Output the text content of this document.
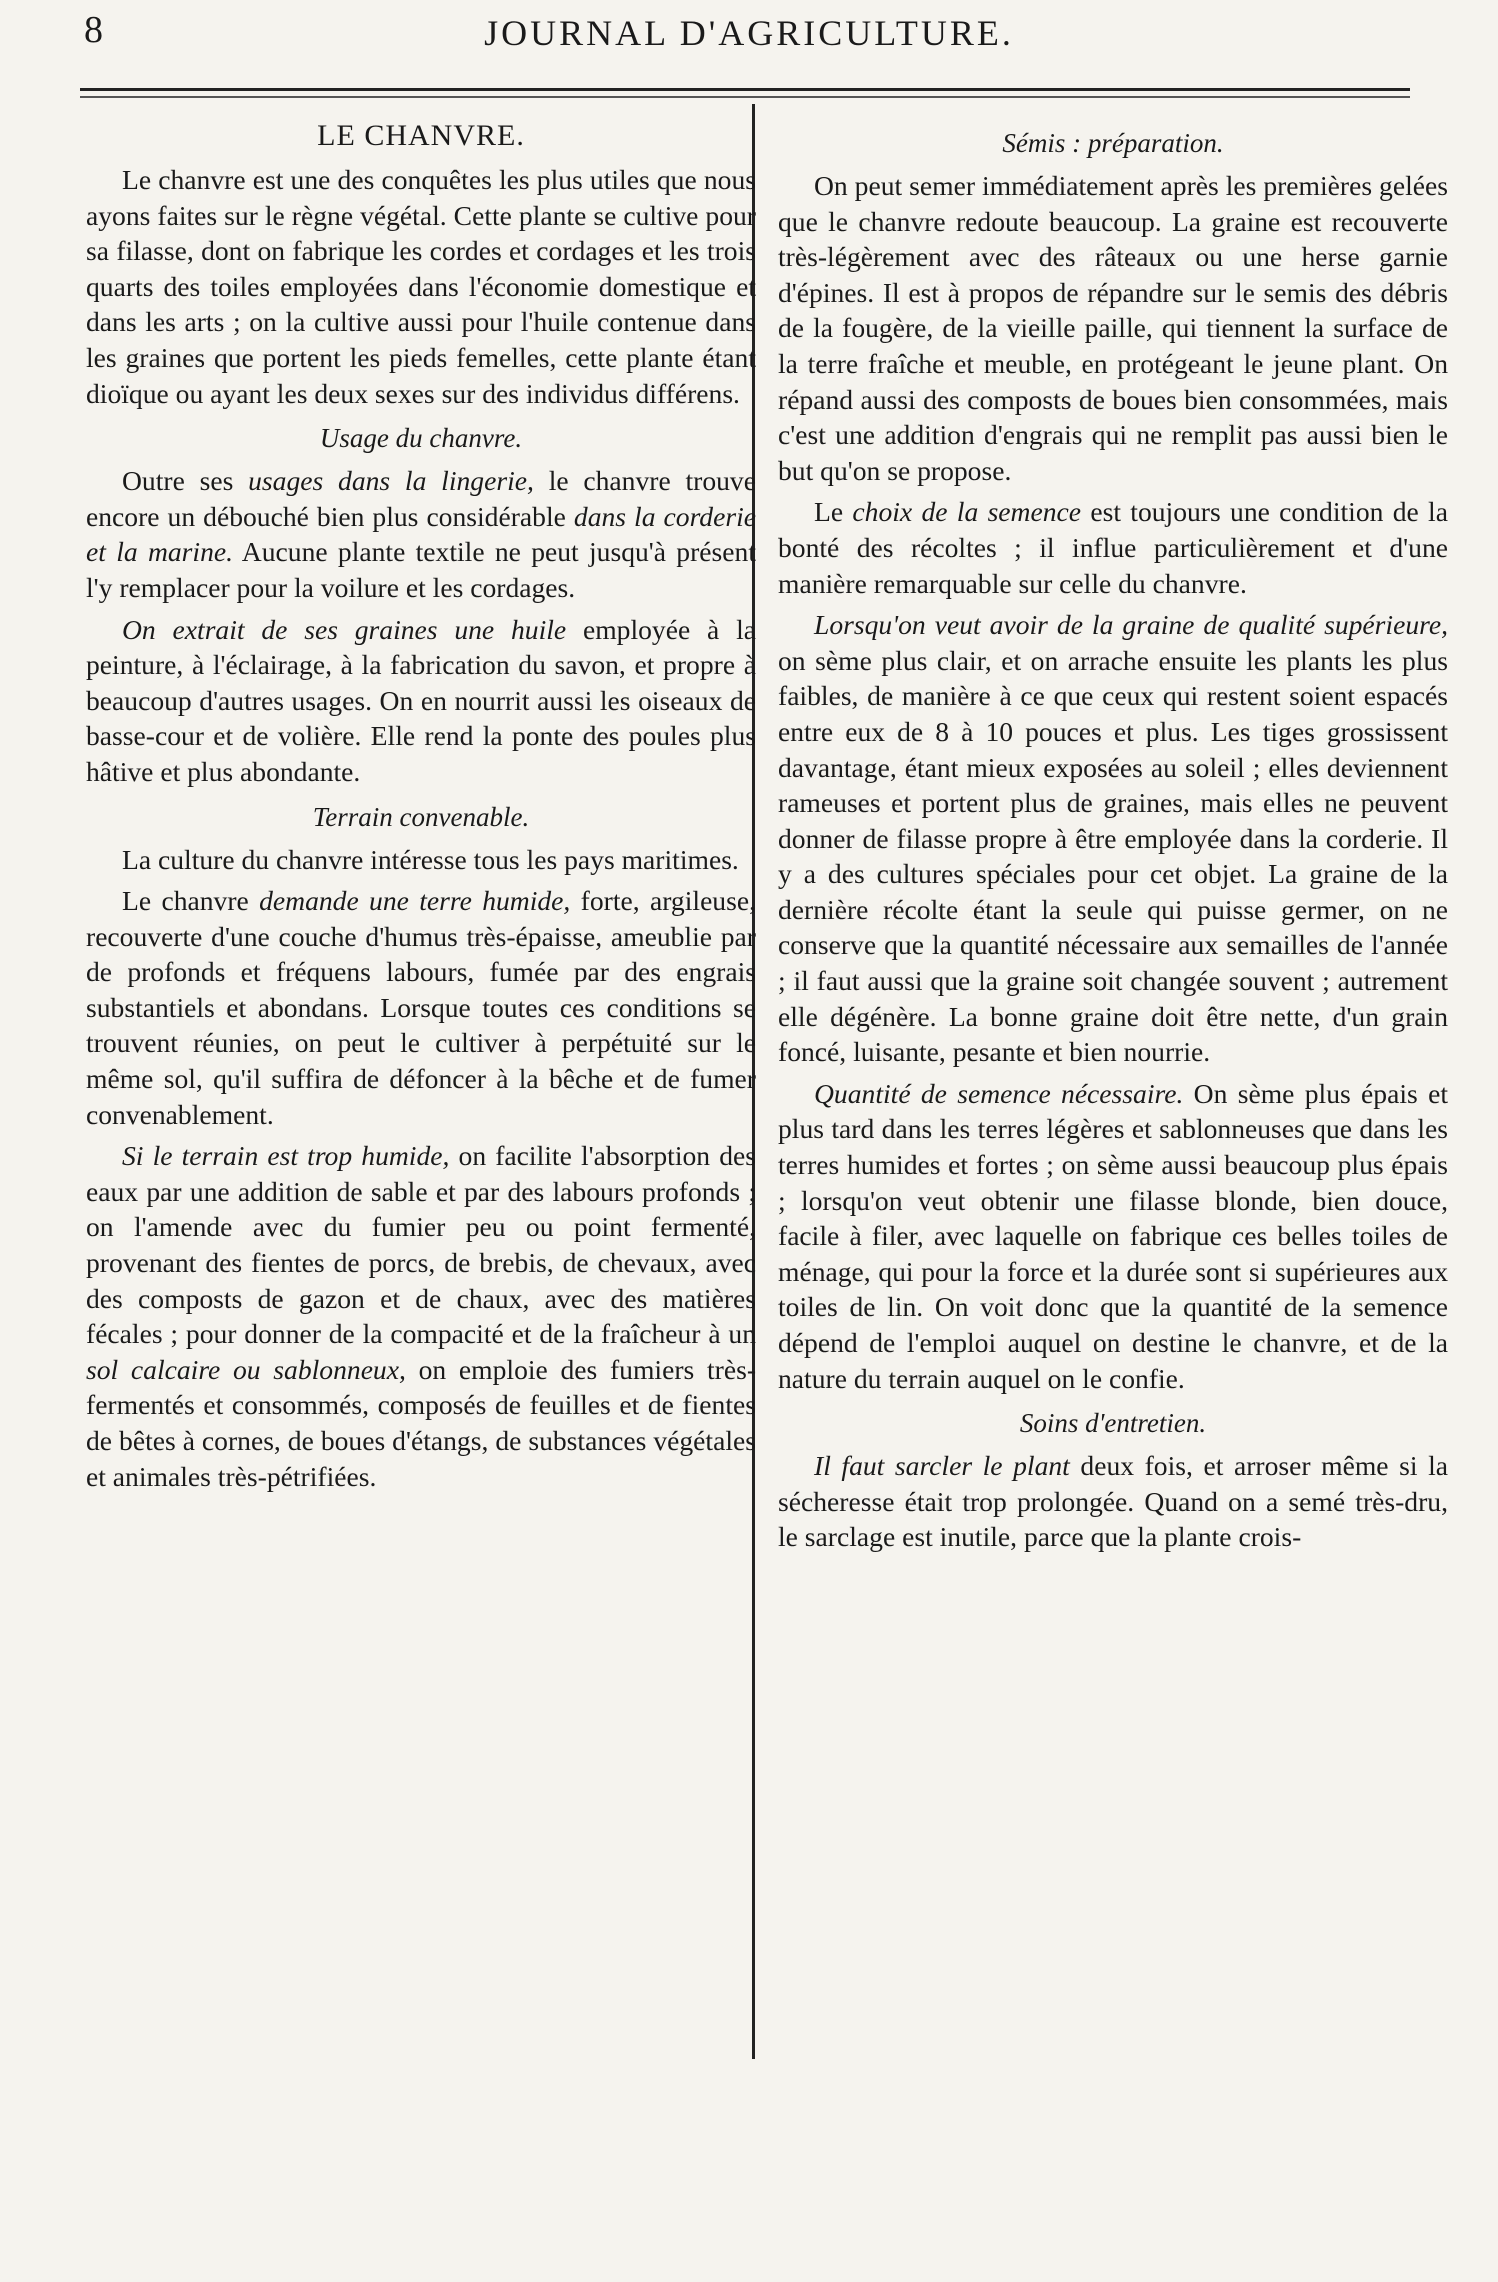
8	JOURNAL D'AGRICULTURE.
LE CHANVRE.

Le chanvre est une des conquêtes les plus utiles que nous ayons faites sur le règne végétal. Cette plante se cultive pour sa filasse, dont on fabrique les cordes et cordages et les trois quarts des toiles employées dans l'économie domestique et dans les arts ; on la cultive aussi pour l'huile contenue dans les graines que portent les pieds femelles, cette plante étant dioïque ou ayant les deux sexes sur des individus différens.

Usage du chanvre.

Outre ses usages dans la lingerie, le chanvre trouve encore un débouché bien plus considérable dans la corderie et la marine. Aucune plante textile ne peut jusqu'à présent l'y remplacer pour la voilure et les cordages.

On extrait de ses graines une huile employée à la peinture, à l'éclairage, à la fabrication du savon, et propre à beaucoup d'autres usages. On en nourrit aussi les oiseaux de basse-cour et de volière. Elle rend la ponte des poules plus hâtive et plus abondante.

Terrain convenable.

La culture du chanvre intéresse tous les pays maritimes.

Le chanvre demande une terre humide, forte, argileuse, recouverte d'une couche d'humus très-épaisse, ameublie par de profonds et fréquens labours, fumée par des engrais substantiels et abondans. Lorsque toutes ces conditions se trouvent réunies, on peut le cultiver à perpétuité sur le même sol, qu'il suffira de défoncer à la bêche et de fumer convenablement.

Si le terrain est trop humide, on facilite l'absorption des eaux par une addition de sable et par des labours profonds ; on l'amende avec du fumier peu ou point fermenté, provenant des fientes de porcs, de brebis, de chevaux, avec des composts de gazon et de chaux, avec des matières fécales ; pour donner de la compacité et de la fraîcheur à un sol calcaire ou sablonneux, on emploie des fumiers très-fermentés et consommés, composés de feuilles et de fientes de bêtes à cornes, de boues d'étangs, de substances végétales et animales très-pétrifiées.

Sémis : préparation.

On peut semer immédiatement après les premières gelées que le chanvre redoute beaucoup. La graine est recouverte très-légèrement avec des râteaux ou une herse garnie d'épines. Il est à propos de répandre sur le semis des débris de la fougère, de la vieille paille, qui tiennent la surface de la terre fraîche et meuble, en protégeant le jeune plant. On répand aussi des composts de boues bien consommées, mais c'est une addition d'engrais qui ne remplit pas aussi bien le but qu'on se propose.

Le choix de la semence est toujours une condition de la bonté des récoltes ; il influe particulièrement et d'une manière remarquable sur celle du chanvre.

Lorsqu'on veut avoir de la graine de qualité supérieure, on sème plus clair, et on arrache ensuite les plants les plus faibles, de manière à ce que ceux qui restent soient espacés entre eux de 8 à 10 pouces et plus. Les tiges grossissent davantage, étant mieux exposées au soleil ; elles deviennent rameuses et portent plus de graines, mais elles ne peuvent donner de filasse propre à être employée dans la corderie. Il y a des cultures spéciales pour cet objet. La graine de la dernière récolte étant la seule qui puisse germer, on ne conserve que la quantité nécessaire aux semailles de l'année ; il faut aussi que la graine soit changée souvent ; autrement elle dégénère. La bonne graine doit être nette, d'un grain foncé, luisante, pesante et bien nourrie.

Quantité de semence nécessaire. On sème plus épais et plus tard dans les terres légères et sablonneuses que dans les terres humides et fortes ; on sème aussi beaucoup plus épais ; lorsqu'on veut obtenir une filasse blonde, bien douce, facile à filer, avec laquelle on fabrique ces belles toiles de ménage, qui pour la force et la durée sont si supérieures aux toiles de lin. On voit donc que la quantité de la semence dépend de l'emploi auquel on destine le chanvre, et de la nature du terrain auquel on le confie.

Soins d'entretien.

Il faut sarcler le plant deux fois, et arroser même si la sécheresse était trop prolongée. Quand on a semé très-dru, le sarclage est inutile, parce que la plante crois-
